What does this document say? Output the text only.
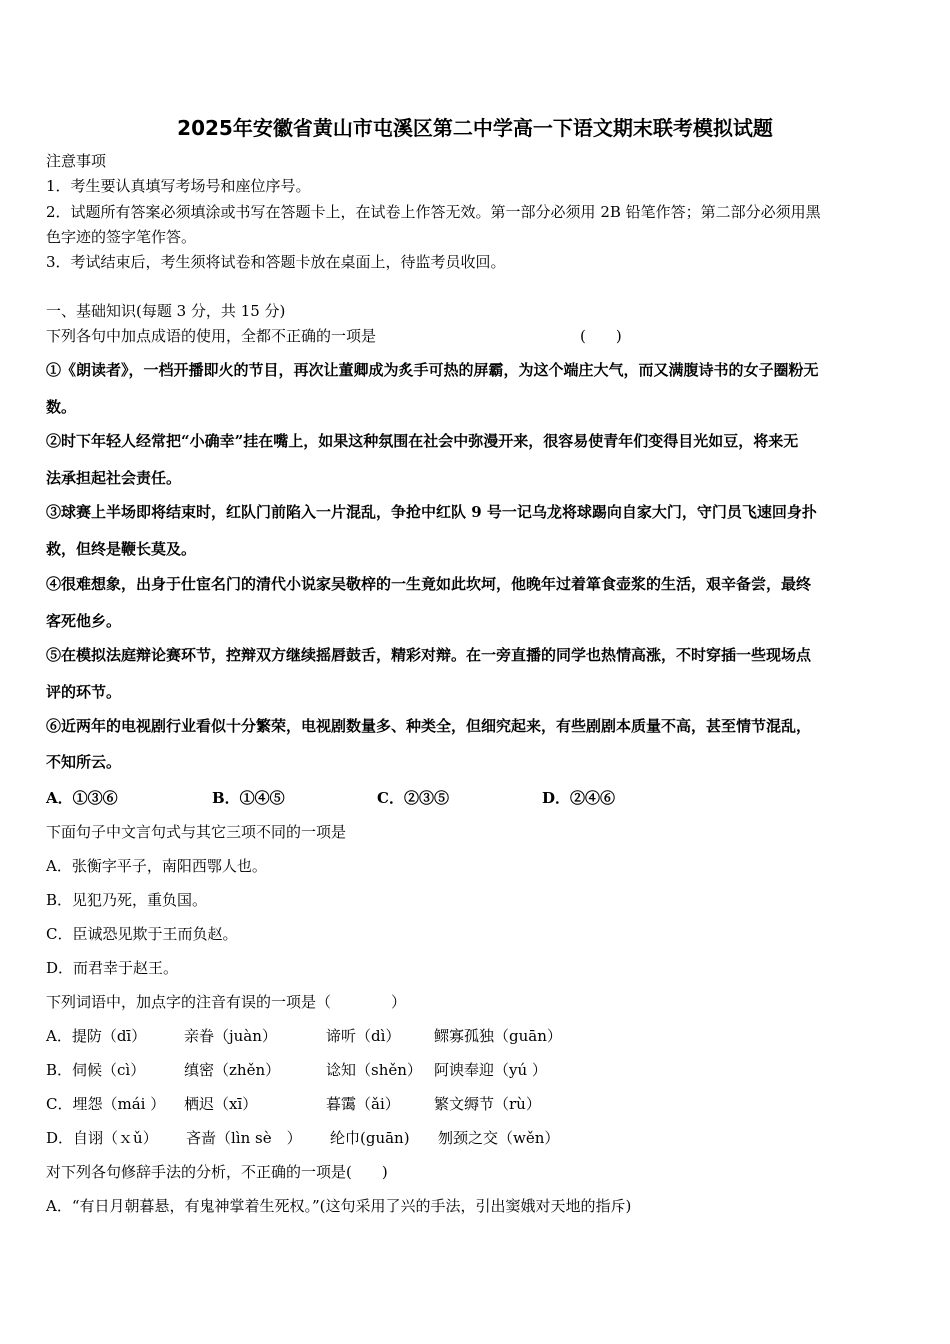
2025年安徽省黄山市屯溪区第二中学高一下语文期末联考模拟试题
注意事项
1．考生要认真填写考场号和座位序号。
2．试题所有答案必须填涂或书写在答题卡上，在试卷上作答无效。第一部分必须用 2B 铅笔作答；第二部分必须用黑
色字迹的签字笔作答。
3．考试结束后，考生须将试卷和答题卡放在桌面上，待监考员收回。
一、基础知识(每题 3 分，共 15 分)
下列各句中加点成语的使用，全都不正确的一项是	(　　)
①《朗读者》，一档开播即火的节目，再次让董卿成为炙手可热的屏霸，为这个端庄大气，而又满腹诗书的女子圈粉无
数。
②时下年轻人经常把“小确幸”挂在嘴上，如果这种氛围在社会中弥漫开来，很容易使青年们变得目光如豆，将来无
法承担起社会责任。
③球赛上半场即将结束时，红队门前陷入一片混乱，争抢中红队 9 号一记乌龙将球踢向自家大门，守门员飞速回身扑
救，但终是鞭长莫及。
④很难想象，出身于仕宦名门的清代小说家吴敬梓的一生竟如此坎坷，他晚年过着箪食壶浆的生活，艰辛备尝，最终
客死他乡。
⑤在模拟法庭辩论赛环节，控辩双方继续摇唇鼓舌，精彩对辩。在一旁直播的同学也热情高涨，不时穿插一些现场点
评的环节。
⑥近两年的电视剧行业看似十分繁荣，电视剧数量多、种类全，但细究起来，有些剧剧本质量不高，甚至情节混乱，
不知所云。
A．①③⑥	B．①④⑤	C．②③⑤	D．②④⑥
下面句子中文言句式与其它三项不同的一项是
A．张衡字平子，南阳西鄂人也。
B．见犯乃死，重负国。
C．臣诚恐见欺于王而负赵。
D．而君幸于赵王。
下列词语中，加点字的注音有误的一项是（　　　　）
A．提防（dī）	亲眷（juàn）	谛听（dì） 鳏寡孤独（guān）
B．伺候（cì）	缜密（zhěn）	谂知（shěn） 阿谀奉迎（yú ）
C．埋怨（mái ） 栖迟（xī）	暮霭（ǎi） 繁文缛节（rù）
D．自诩（ｘǔ） 吝啬（lìn sè　） 纶巾(guān) 刎颈之交（wěn）
对下列各句修辞手法的分析，不正确的一项是(　　)
A．“有日月朝暮悬，有鬼神掌着生死权。”(这句采用了兴的手法，引出窦娥对天地的指斥)
